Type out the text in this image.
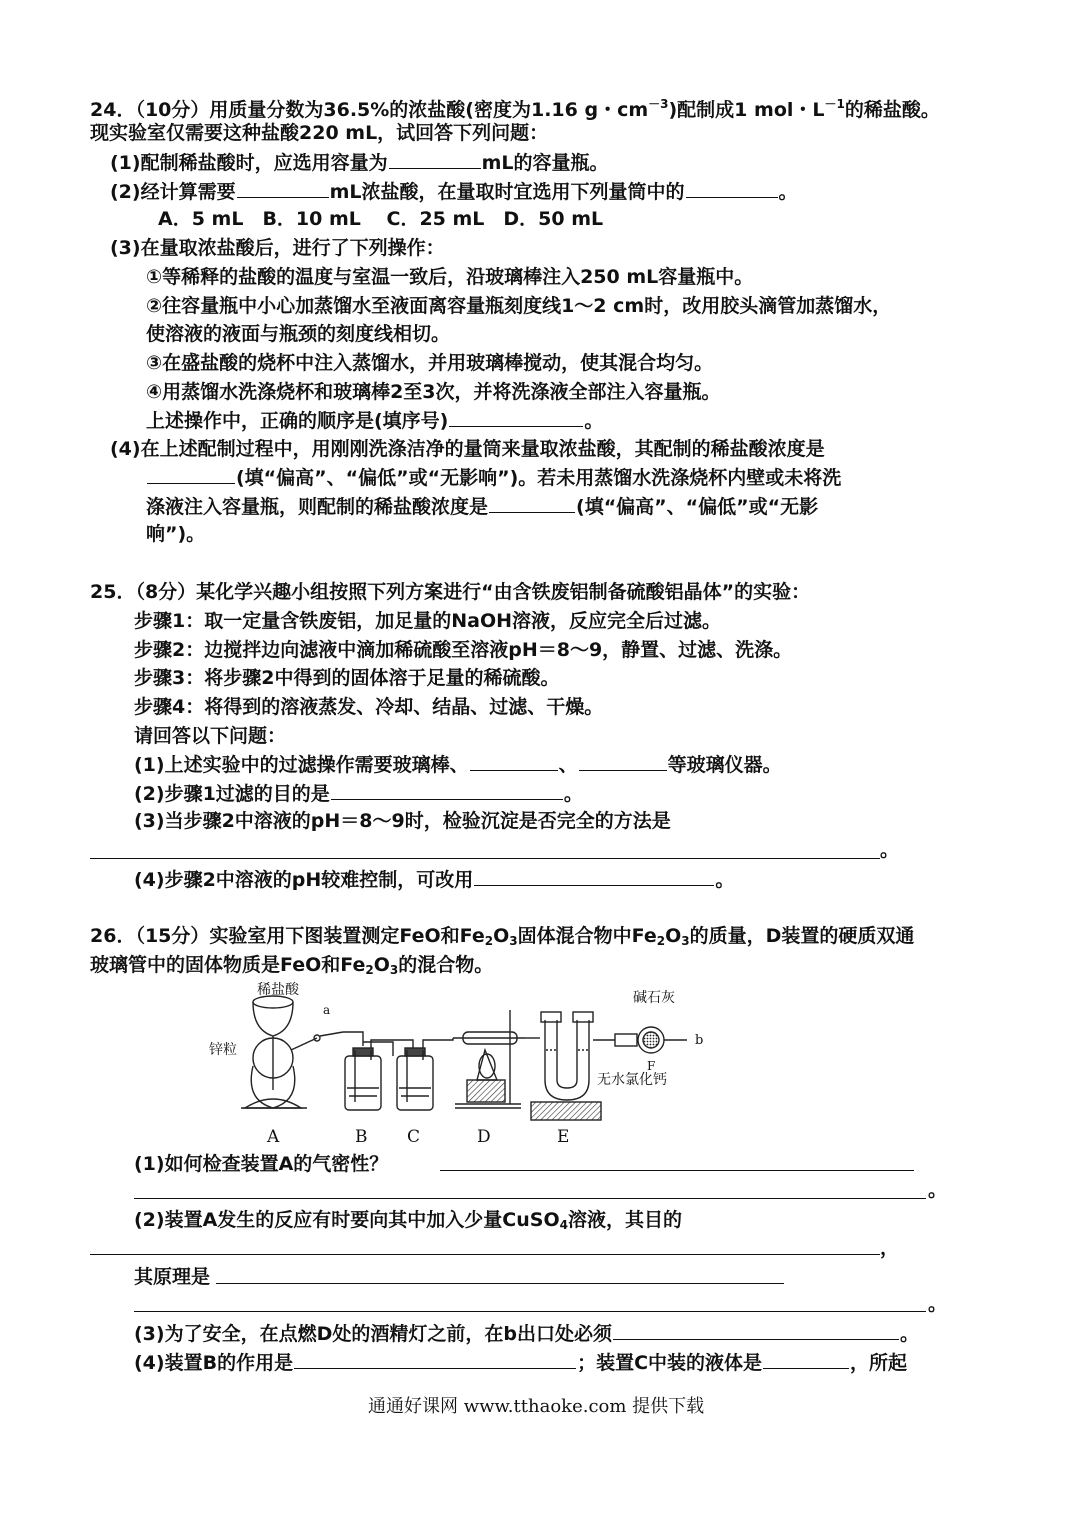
24．（10分）用质量分数为36.5%的浓盐酸(密度为1.16 g・$cm^{-3}$)配制成1 mol・$L^{-1}$的稀盐酸。
现实验室仅需要这种盐酸220 mL，试回答下列问题：
(1)配制稀盐酸时，应选用容量为	mL的容量瓶。
(2)经计算需要	mL浓盐酸，在量取时宜选用下列量筒中的	。
A．5 mL　B．10 mL　 C．25 mL　D．50 mL
(3)在量取浓盐酸后，进行了下列操作：
①等稀释的盐酸的温度与室温一致后，沿玻璃棒注入250 mL容量瓶中。
②往容量瓶中小心加蒸馏水至液面离容量瓶刻度线1～2 cm时，改用胶头滴管加蒸馏水，
使溶液的液面与瓶颈的刻度线相切。
③在盛盐酸的烧杯中注入蒸馏水，并用玻璃棒搅动，使其混合均匀。
④用蒸馏水洗涤烧杯和玻璃棒2至3次，并将洗涤液全部注入容量瓶。
上述操作中，正确的顺序是(填序号)	。
(4)在上述配制过程中，用刚刚洗涤洁净的量筒来量取浓盐酸，其配制的稀盐酸浓度是
(填“偏高”、“偏低”或“无影响”)。若未用蒸馏水洗涤烧杯内壁或未将洗
涤液注入容量瓶，则配制的稀盐酸浓度是	(填“偏高”、“偏低”或“无影
响”)。
25．（8分）某化学兴趣小组按照下列方案进行“由含铁废铝制备硫酸铝晶体”的实验：
步骤1：取一定量含铁废铝，加足量的NaOH溶液，反应完全后过滤。
步骤2：边搅拌边向滤液中滴加稀硫酸至溶液pH＝8～9，静置、过滤、洗涤。
步骤3：将步骤2中得到的固体溶于足量的稀硫酸。
步骤4：将得到的溶液蒸发、冷却、结晶、过滤、干燥。
请回答以下问题：
(1)上述实验中的过滤操作需要玻璃棒、	、	等玻璃仪器。
(2)步骤1过滤的目的是	。
(3)当步骤2中溶液的pH＝8～9时，检验沉淀是否完全的方法是
。
(4)步骤2中溶液的pH较难控制，可改用	。
26．（15分）实验室用下图装置测定FeO和$Fe_2O_3$固体混合物中$Fe_2O_3$的质量，D装置的硬质双通
玻璃管中的固体物质是FeO和$Fe_2O_3$的混合物。
稀盐酸
锌粒
a
碱石灰
b
F
无水氯化钙
A	B C	D	E
(1)如何检查装置A的气密性？
。
(2)装置A发生的反应有时要向其中加入少量CuSO$_4$溶液，其目的
，
其原理是
。
(3)为了安全，在点燃D处的酒精灯之前，在b出口处必须	。
(4)装置B的作用是	；装置C中装的液体是	，所起
通通好课网 www.tthaoke.com 提供下载
